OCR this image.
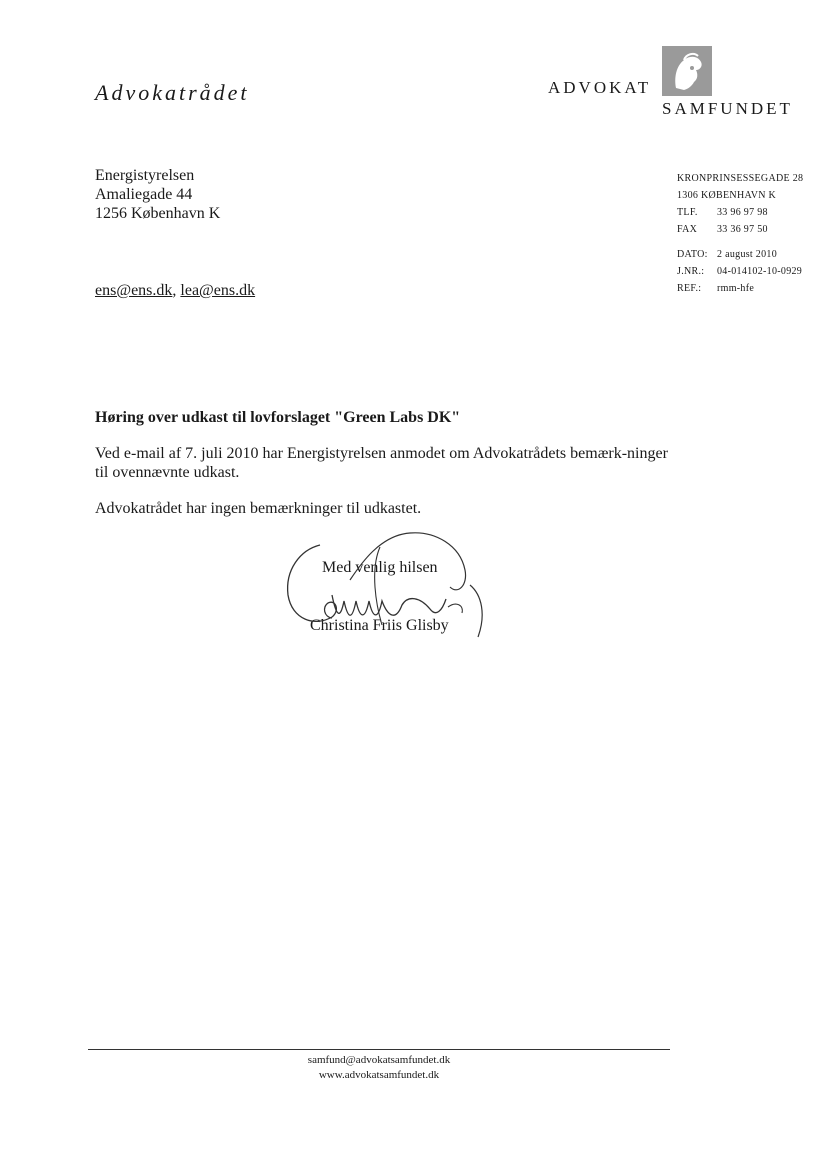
Advokatrådet	ADVOKAT
SAMFUNDET
Energistyrelsen
Amaliegade 44
1256 København K
KRONPRINSESSEGADE 28
1306 KØBENHAVN K
TLF.	33 96 97 98
FAX	33 36 97 50
DATO: 2 august 2010
J.NR.:	04-014102-10-0929
REF.:	rmm-hfe
ens@ens.dk, lea@ens.dk
Høring over udkast til lovforslaget "Green Labs DK"
Ved e-mail af 7. juli 2010 har Energistyrelsen anmodet om Advokatrådets bemærk-ninger til ovennævnte udkast.
Advokatrådet har ingen bemærkninger til udkastet.
Med venlig hilsen
Christina Friis Glisby
samfund@advokatsamfundet.dk
www.advokatsamfundet.dk
